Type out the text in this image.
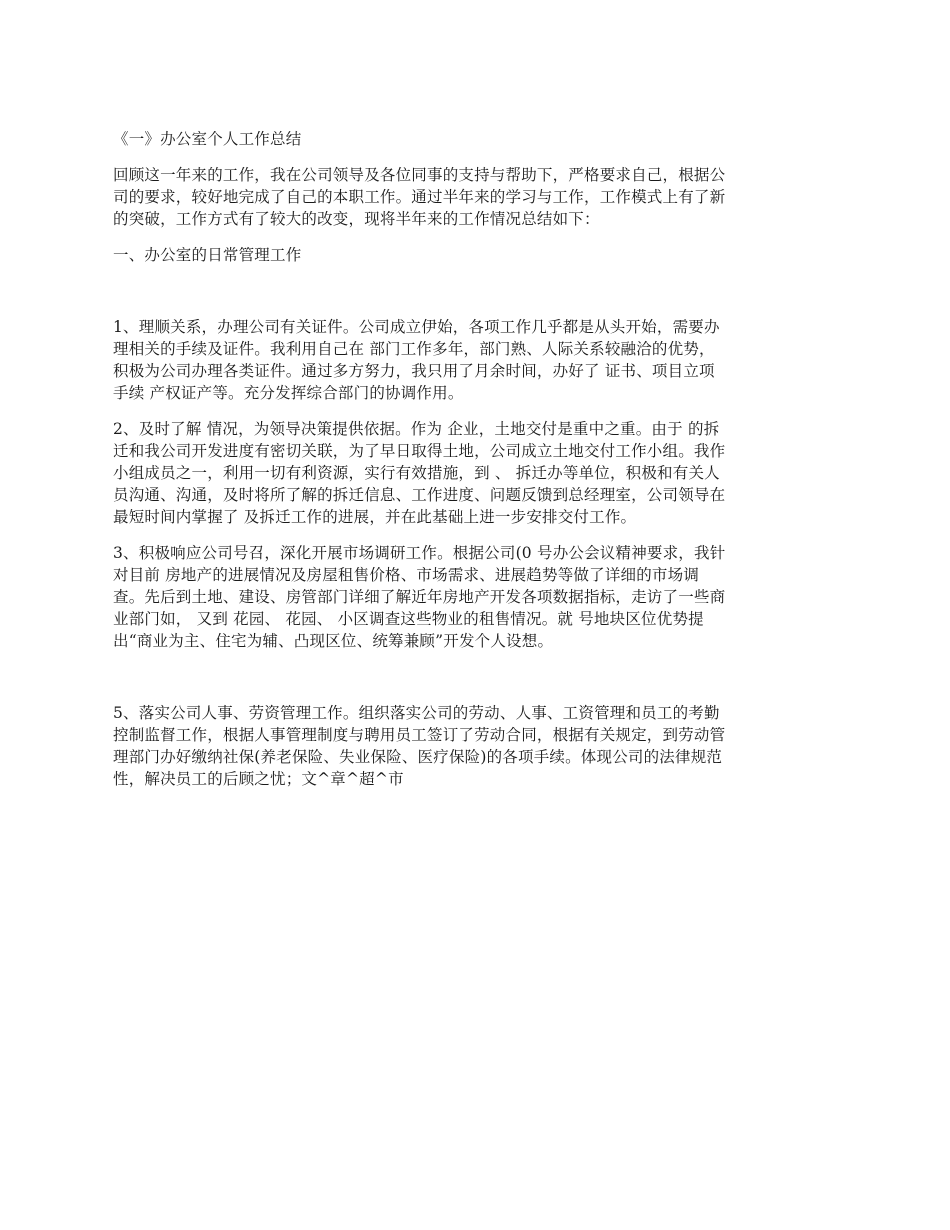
《一》办公室个人工作总结
回顾这一年来的工作，我在公司领导及各位同事的支持与帮助下，严格要求自己，根据公
司的要求，较好地完成了自己的本职工作。通过半年来的学习与工作，工作模式上有了新
的突破，工作方式有了较大的改变，现将半年来的工作情况总结如下：
一、办公室的日常管理工作
1、理顺关系，办理公司有关证件。公司成立伊始，各项工作几乎都是从头开始，需要办
理相关的手续及证件。我利用自己在 部门工作多年，部门熟、人际关系较融洽的优势，
积极为公司办理各类证件。通过多方努力，我只用了月余时间，办好了 证书、项目立项
手续 产权证产等。充分发挥综合部门的协调作用。
2、及时了解 情况，为领导决策提供依据。作为 企业，土地交付是重中之重。由于 的拆
迁和我公司开发进度有密切关联，为了早日取得土地，公司成立土地交付工作小组。我作
小组成员之一，利用一切有利资源，实行有效措施，到 、 拆迁办等单位，积极和有关人
员沟通、沟通，及时将所了解的拆迁信息、工作进度、问题反馈到总经理室，公司领导在
最短时间内掌握了 及拆迁工作的进展，并在此基础上进一步安排交付工作。
3、积极响应公司号召，深化开展市场调研工作。根据公司(0 号办公会议精神要求，我针
对目前 房地产的进展情况及房屋租售价格、市场需求、进展趋势等做了详细的市场调
查。先后到土地、建设、房管部门详细了解近年房地产开发各项数据指标，走访了一些商
业部门如， 又到 花园、 花园、 小区调查这些物业的租售情况。就 号地块区位优势提
出“商业为主、住宅为辅、凸现区位、统筹兼顾”开发个人设想。
5、落实公司人事、劳资管理工作。组织落实公司的劳动、人事、工资管理和员工的考勤
控制监督工作，根据人事管理制度与聘用员工签订了劳动合同，根据有关规定，到劳动管
理部门办好缴纳社保(养老保险、失业保险、医疗保险)的各项手续。体现公司的法律规范
性，解决员工的后顾之忧；文^章^超^市
